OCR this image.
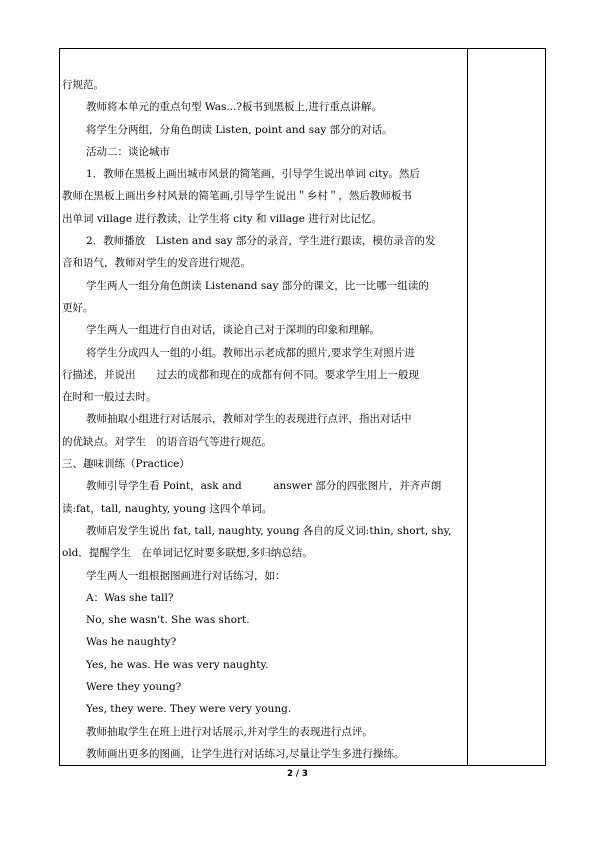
行规范。
教师将本单元的重点句型 Was...?板书到黑板上,进行重点讲解。
将学生分两组，分角色朗读 Listen, point and say 部分的对话。
活动二：谈论城市
1．教师在黑板上画出城市风景的简笔画，引导学生说出单词 city。然后
教师在黑板上画出乡村风景的简笔画,引导学生说出＂乡村＂，然后教师板书
出单词 village 进行教读，让学生将 city 和 village 进行对比记忆。
2．教师播放　Listen and say 部分的录音，学生进行跟读，模仿录音的发
音和语气，教师对学生的发音进行规范。
学生两人一组分角色朗读 Listenand say 部分的课文，比一比哪一组读的
更好。
学生两人一组进行自由对话，谈论自己对于深圳的印象和理解。
将学生分成四人一组的小组。教师出示老成都的照片,要求学生对照片进
行描述，并说出　　过去的成都和现在的成都有何不同。要求学生用上一般现
在时和一般过去时。
教师抽取小组进行对话展示，教师对学生的表现进行点评，指出对话中
的优缺点。对学生　的语音语气等进行规范。
三、趣味训练（Practice）
教师引导学生看 Point，ask and　　　answer 部分的四张图片，并齐声朗
读:fat，tall, naughty, young 这四个单词。
教师启发学生说出 fat, tall, naughty, young 各自的反义词:thin, short, shy,
old．提醒学生　在单词记忆时要多联想,多归纳总结。
学生两人一组根据图画进行对话练习，如：
A：Was she tall?
No, she wasn't. She was short.
Was he naughty?
Yes, he was. He was very naughty.
Were they young?
Yes, they were. They were very young.
教师抽取学生在班上进行对话展示,并对学生的表现进行点评。
教师画出更多的图画，让学生进行对话练习,尽量让学生多进行操练。

2 / 3
